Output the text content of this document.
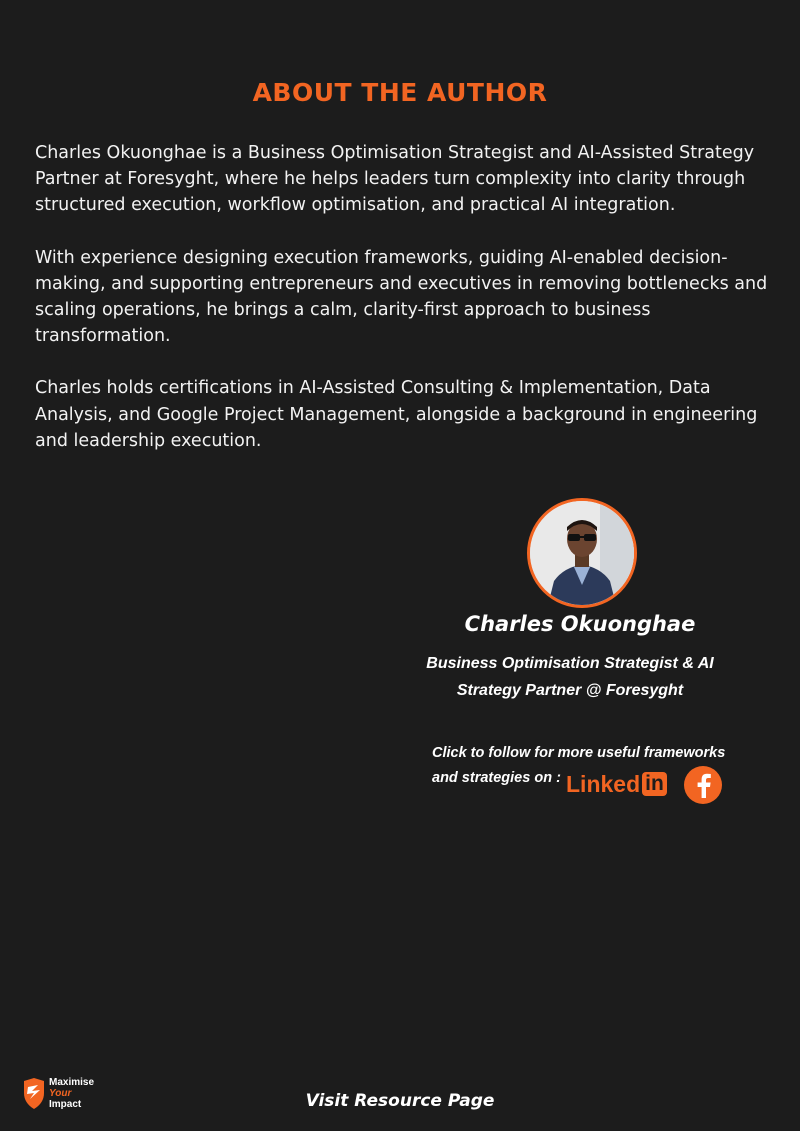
ABOUT THE AUTHOR

Charles Okuonghae is a Business Optimisation Strategist and AI-Assisted Strategy Partner at Foresyght, where he helps leaders turn complexity into clarity through structured execution, workflow optimisation, and practical AI integration.

With experience designing execution frameworks, guiding AI-enabled decision-making, and supporting entrepreneurs and executives in removing bottlenecks and scaling operations, he brings a calm, clarity-first approach to business transformation.

Charles holds certifications in AI-Assisted Consulting & Implementation, Data Analysis, and Google Project Management, alongside a background in engineering and leadership execution.

Charles Okuonghae
Business Optimisation Strategist & AI
Strategy Partner @ Foresyght
Click to follow for more useful frameworks
and strategies on : Linked in
Maximise
Your
Impact	Visit Resource Page
